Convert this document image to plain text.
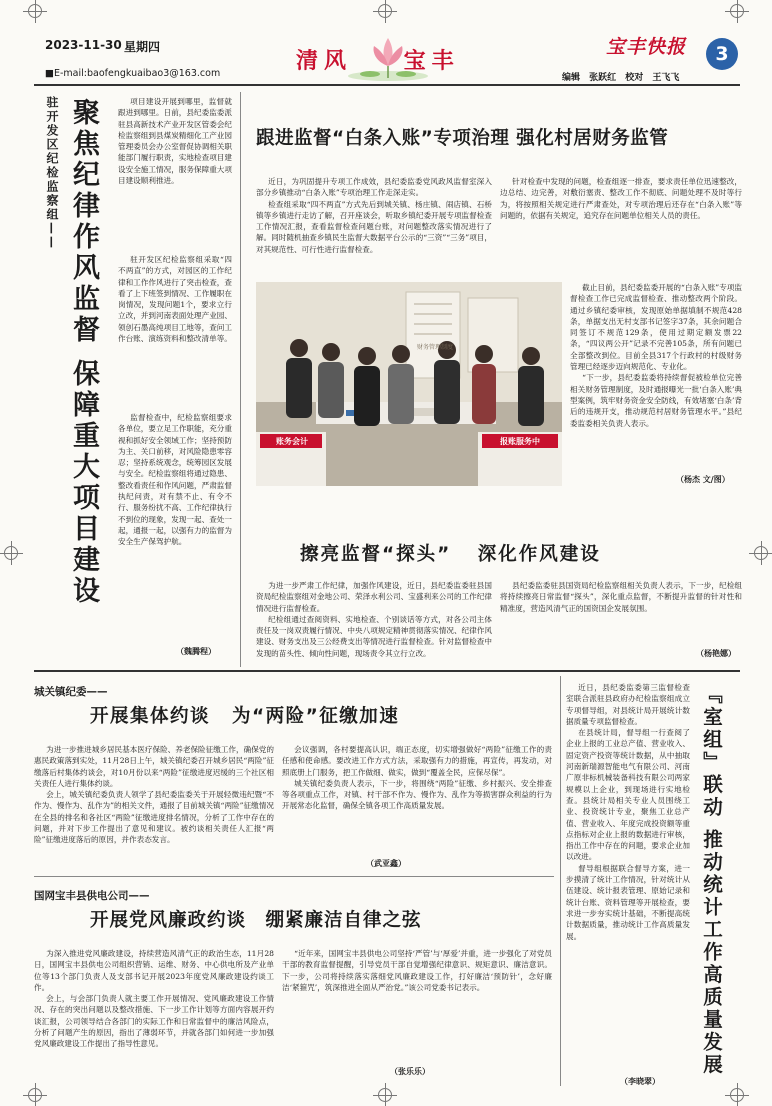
2023-11-30 星期四
■E-mail:baofengkuaibao3@163.com	清风 宝丰
宝丰快报	3
编辑 张跃红 校对 王飞飞
驻开发区纪检监察组—— 聚焦纪律作风监督 保障重大项目建设	项目建设开展到哪里，监督就跟进到哪里。日前，县纪委监委派驻县高新技术产业开发区管委会纪检监察组到县煤炭精细化工产业园管理委员会办公室督促协调相关职能部门履行职责，实地检查项目建设安全施工情况，服务保障重大项目建设顺利推进。
驻开发区纪检监察组采取“四不两直”的方式，对园区的工作纪律和工作作风进行了突击检查，查看了上下班签到情况、工作履职在岗情况，发现问题1个，要求立行立改，并到河南表面处理产业园、领创石墨高纯项目工地等，查问工作台账、演练资料和整改清单等。
监督检查中，纪检监察组要求各单位，要立足工作职能，充分重视和抓好安全领域工作；坚持预防为主、关口前移，对风险隐患零容忍；坚持系统观念，统筹园区发展与安全。纪检监察组将通过隐患、整改看责任和作风问题，严肃监督执纪问责，对有禁不止、有令不行、服务纷扰不高、工作纪律执行不到位的现象，发现一起、查处一起，通报一起，以强有力的监督为安全生产保驾护航。
（魏腾程）
跟进监督“白条入账”专项治理 强化村居财务监管

近日，为巩固提升专项工作成效，县纪委监委党风政风监督室深入部分乡镇推动“白条入账”专项治理工作走深走实。

检查组采取“四不两直”方式先后到城关镇、杨庄镇、闹店镇、石桥镇等乡镇进行走访了解，召开座谈会，听取乡镇纪委开展专项监督检查工作情况汇报，查看监督检查问题台账，对问题整改落实情况进行了解。同时随机抽查乡镇民生监督大数据平台公示的“三资”“三务”项目，对其规范性、可行性进行监督检查。

针对检查中发现的问题，检查组逐一排查，要求责任单位迅速整改，边总结、边完善，对敷衍塞责、整改工作不彻底、问题处理不及时等行为，将按照相关规定进行严肃查处，对专项治理后还存在“白条入账”等问题的，依据有关规定，追究存在问题单位相关人员的责任。

财务管理制度
账务会计	报账服务中

截止目前，县纪委监委开展的“白条入账”专项监督检查工作已完成监督检查、推动整改两个阶段。通过乡镇纪委审核，发现原始单据填制不规范428条，单据支出无村支部书记签字37条，其余问题合同签订不规范129条，使用过期定额发票22条，“四议两公开”记录不完善105条，所有问题已全部整改到位。目前全县317个行政村的村级财务管理已经逐步迈向规范化、专业化。

“下一步，县纪委监委将持续督促被检单位完善相关财务管理制度，及时通报曝光一批‘白条入账’典型案例，筑牢财务资金安全防线，有效堵塞‘白条’背后的违规开支，推动规范村居财务管理水平。”县纪委监委相关负责人表示。

（杨杰 文/图）
擦亮监督“探头” 深化作风建设

为进一步严肃工作纪律，加强作风建设，近日，县纪委监委驻县国资局纪检监察组对金地公司、荣泽水利公司、宝盛利来公司的工作纪律情况进行监督检查。

纪检组通过查阅资料、实地检查、个别谈话等方式，对各公司主体责任及一岗双责履行情况、中央八项规定精神贯彻落实情况、纪律作风建设、财务支出及三公经费支出等情况进行监督检查。针对监督检查中发现的苗头性、倾向性问题，现场责令其立行立改。

县纪委监委驻县国资局纪检监察组相关负责人表示，下一步，纪检组将持续擦亮日常监督“探头”，深化重点监督，不断提升监督的针对性和精准度，营造风清气正的国资国企发展氛围。

（杨艳娜）
城关镇纪委——
开展集体约谈 为“两险”征缴加速

为进一步推进城乡居民基本医疗保险、养老保险征缴工作，确保党的惠民政策落到实处，11月28日上午，城关镇纪委召开城乡居民“两险”征缴落后村集体约谈会，对10月份以来“两险”征缴进度迟缓的三个社区相关责任人进行集体约谈。

会上，城关镇纪委负责人领学了县纪委监委关于开展轻微违纪暨“不作为、慢作为、乱作为”的相关文件，通报了目前城关镇“两险”征缴情况在全县的排名和各社区“两险”征缴进度排名情况，分析了工作中存在的问题，并对下步工作提出了意见和建议。被约谈相关责任人汇报“两险”征缴进度落后的原因，并作表态发言。

会议强调，各村要提高认识，端正态度，切实增强做好“两险”征缴工作的责任感和使命感。要改进工作方式方法，采取强有力的措施，再宣传，再发动，对照底册上门服务，把工作做细、做实，做到“覆盖全民，应保尽保”。

城关镇纪委负责人表示，下一步，将围绕“两险”征缴、乡村振兴、安全排查等各项重点工作，对镇、村干部不作为、慢作为、乱作为等损害群众利益的行为开展常态化监督，确保全镇各项工作高质量发展。

（武亚鑫）
国网宝丰县供电公司——
开展党风廉政约谈 绷紧廉洁自律之弦

为深入推进党风廉政建设，持续营造风清气正的政治生态，11月28日，国网宝丰县供电公司组织营销、运维、财务、中心供电所及产业单位等13个部门负责人及支部书记开展2023年度党风廉政建设约谈工作。

会上，与会部门负责人就主要工作开展情况、党风廉政建设工作情况、存在的突出问题以及整改措施、下一步工作计划等方面内容展开约谈汇报，公司领导结合各部门的实际工作和日常监督中的廉洁风险点，分析了问题产生的原因，指出了薄弱环节，并就各部门如何进一步加强党风廉政建设工作提出了指导性意见。

“近年来，国网宝丰县供电公司坚持‘严管’与‘厚爱’并重，进一步强化了对党员干部的教育监督提醒，引导党员干部自觉增强纪律意识、规矩意识、廉洁意识。下一步，公司将持续落实落细党风廉政建设工作，打好廉洁‘预防针’，念好廉洁‘紧箍咒’，筑深推进全面从严治党。”该公司党委书记表示。

（张乐乐）

近日，县纪委监委第三监督检查室联合派驻县政府办纪检监察组成立专项督导组，对县统计局开展统计数据质量专项监督检查。

在县统计局，督导组一行查阅了企业上报的工业总产值、营业收入、固定资产投资等统计数据，从中抽取河南新瑞源智能电气有限公司、河南广原非标机械装备科技有限公司两家规模以上企业，到现场进行实地检查。县统计局相关专业人员围绕工业、投资统计专业，聚焦工业总产值、营业收入、年度完成投资额等重点指标对企业上报的数据进行审核，指出工作中存在的问题，要求企业加以改进。

督导组根据联合督导方案，进一步摸清了统计工作情况，针对统计从伍建设、统计报表管理、原始记录和统计台账、资料管理等开展检查，要求进一步夯实统计基础，不断提高统计数据质量，推动统计工作高质量发展。

（李晓翠）
『室组』联动 推动统计工作高质量发展
